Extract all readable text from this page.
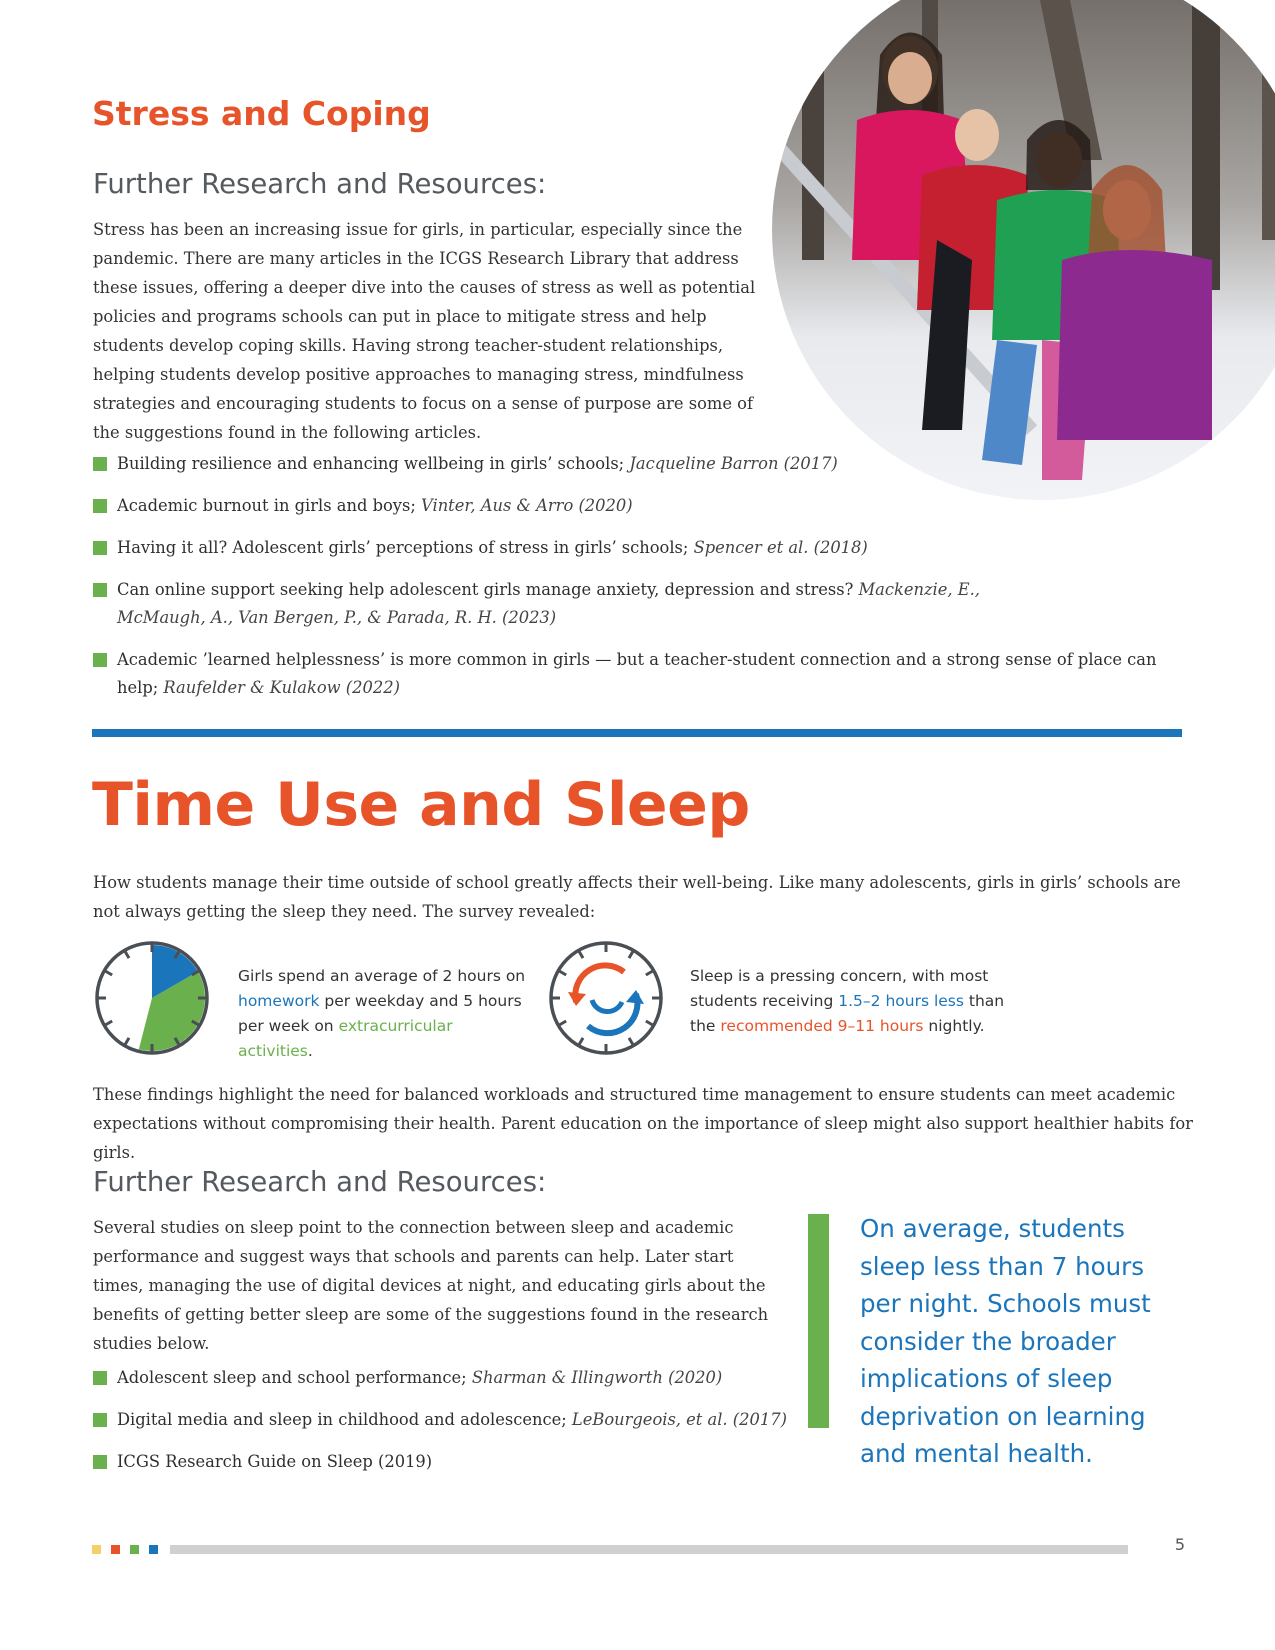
Stress and Coping
Further Research and Resources:

Stress has been an increasing issue for girls, in particular, especially since the pandemic. There are many articles in the ICGS Research Library that address these issues, offering a deeper dive into the causes of stress as well as potential policies and programs schools can put in place to mitigate stress and help students develop coping skills. Having strong teacher-student relationships, helping students develop positive approaches to managing stress, mindfulness strategies and encouraging students to focus on a sense of purpose are some of the suggestions found in the following articles.

Building resilience and enhancing wellbeing in girls’ schools; Jacqueline Barron (2017)
Academic burnout in girls and boys; Vinter, Aus & Arro (2020)
Having it all? Adolescent girls’ perceptions of stress in girls’ schools; Spencer et al. (2018)
Can online support seeking help adolescent girls manage anxiety, depression and stress? Mackenzie, E., McMaugh, A., Van Bergen, P., & Parada, R. H. (2023)
Academic ’learned helplessness’ is more common in girls — but a teacher-student connection and a strong sense of place can help; Raufelder & Kulakow (2022)
Time Use and Sleep

How students manage their time outside of school greatly affects their well-being. Like many adolescents, girls in girls’ schools are not always getting the sleep they need. The survey revealed:

Girls spend an average of 2 hours on homework per weekday and 5 hours per week on extracurricular activities.
Sleep is a pressing concern, with most students receiving 1.5–2 hours less than the recommended 9–11 hours nightly.

These findings highlight the need for balanced workloads and structured time management to ensure students can meet academic expectations without compromising their health. Parent education on the importance of sleep might also support healthier habits for girls.

Further Research and Resources:

Several studies on sleep point to the connection between sleep and academic performance and suggest ways that schools and parents can help. Later start times, managing the use of digital devices at night, and educating girls about the benefits of getting better sleep are some of the suggestions found in the research studies below.

Adolescent sleep and school performance; Sharman & Illingworth (2020)
Digital media and sleep in childhood and adolescence; LeBourgeois, et al. (2017)
ICGS Research Guide on Sleep (2019)

On average, students sleep less than 7 hours per night. Schools must consider the broader implications of sleep deprivation on learning and mental health.

5
